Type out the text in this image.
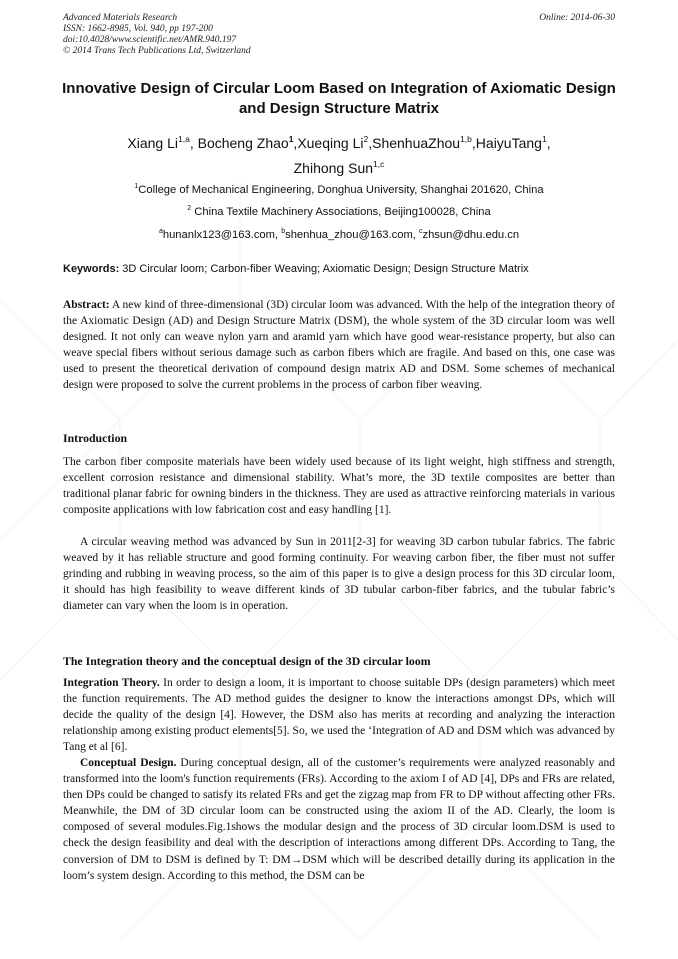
Advanced Materials Research
ISSN: 1662-8985, Vol. 940, pp 197-200
doi:10.4028/www.scientific.net/AMR.940.197
© 2014 Trans Tech Publications Ltd, Switzerland
Online: 2014-06-30
Innovative Design of Circular Loom Based on Integration of Axiomatic Design and Design Structure Matrix
Xiang Li$^{1,a}$, Bocheng Zhao$^1$,Xueqing Li$^2$,ShenhuaZhou$^{1,b}$,HaiyuTang$^1$,
Zhihong Sun$^{1,c}$
$^1$College of Mechanical Engineering, Donghua University, Shanghai 201620, China
$^2$ China Textile Machinery Associations, Beijing100028, China
$^a$hunanlx123@163.com, $^b$shenhua_zhou@163.com, $^c$zhsun@dhu.edu.cn
Keywords: 3D Circular loom; Carbon-fiber Weaving; Axiomatic Design; Design Structure Matrix
Abstract: A new kind of three-dimensional (3D) circular loom was advanced. With the help of the integration theory of the Axiomatic Design (AD) and Design Structure Matrix (DSM), the whole system of the 3D circular loom was well designed. It not only can weave nylon yarn and aramid yarn which have good wear-resistance property, but also can weave special fibers without serious damage such as carbon fibers which are fragile. And based on this, one case was used to present the theoretical derivation of compound design matrix AD and DSM. Some schemes of mechanical design were proposed to solve the current problems in the process of carbon fiber weaving.
Introduction
The carbon fiber composite materials have been widely used because of its light weight, high stiffness and strength, excellent corrosion resistance and dimensional stability. What’s more, the 3D textile composites are better than traditional planar fabric for owning binders in the thickness. They are used as attractive reinforcing materials in various composite applications with low fabrication cost and easy handling [1].
A circular weaving method was advanced by Sun in 2011[2-3] for weaving 3D carbon tubular fabrics. The fabric weaved by it has reliable structure and good forming continuity. For weaving carbon fiber, the fiber must not suffer grinding and rubbing in weaving process, so the aim of this paper is to give a design process for this 3D circular loom, it should has high feasibility to weave different kinds of 3D tubular carbon-fiber fabrics, and the tubular fabric’s diameter can vary when the loom is in operation.
The Integration theory and the conceptual design of the 3D circular loom
Integration Theory. In order to design a loom, it is important to choose suitable DPs (design parameters) which meet the function requirements. The AD method guides the designer to know the interactions amongst DPs, which will decide the quality of the design [4]. However, the DSM also has merits at recording and analyzing the interaction relationship among existing product elements[5]. So, we used the ‘Integration of AD and DSM which was advanced by Tang et al [6].
Conceptual Design. During conceptual design, all of the customer’s requirements were analyzed reasonably and transformed into the loom's function requirements (FRs). According to the axiom I of AD [4], DPs and FRs are related, then DPs could be changed to satisfy its related FRs and get the zigzag map from FR to DP without affecting other FRs. Meanwhile, the DM of 3D circular loom can be constructed using the axiom II of the AD. Clearly, the loom is composed of several modules.Fig.1shows the modular design and the process of 3D circular loom.DSM is used to check the design feasibility and deal with the description of interactions among different DPs. According to Tang, the conversion of DM to DSM is defined by T: DM→DSM which will be described detailly during its application in the loom’s system design. According to this method, the DSM can be
